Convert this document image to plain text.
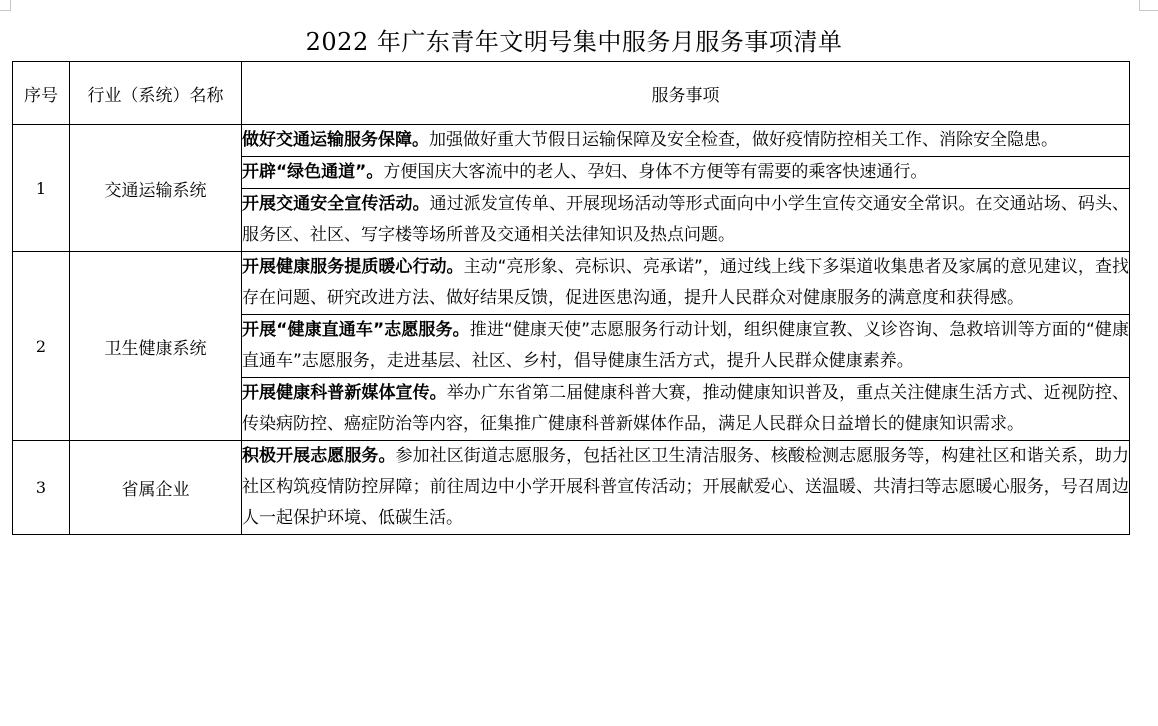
2022 年广东青年文明号集中服务月服务事项清单
序号	行业（系统）名称	服务事项
1	交通运输系统	做好交通运输服务保障。加强做好重大节假日运输保障及安全检查，做好疫情防控相关工作、消除安全隐患。
		开辟“绿色通道”。方便国庆大客流中的老人、孕妇、身体不方便等有需要的乘客快速通行。
		开展交通安全宣传活动。通过派发宣传单、开展现场活动等形式面向中小学生宣传交通安全常识。在交通站场、码头、服务区、社区、写字楼等场所普及交通相关法律知识及热点问题。
2	卫生健康系统	开展健康服务提质暖心行动。主动“亮形象、亮标识、亮承诺”，通过线上线下多渠道收集患者及家属的意见建议，查找存在问题、研究改进方法、做好结果反馈，促进医患沟通，提升人民群众对健康服务的满意度和获得感。
		开展“健康直通车”志愿服务。推进“健康天使”志愿服务行动计划，组织健康宣教、义诊咨询、急救培训等方面的“健康直通车”志愿服务，走进基层、社区、乡村，倡导健康生活方式，提升人民群众健康素养。
		开展健康科普新媒体宣传。举办广东省第二届健康科普大赛，推动健康知识普及，重点关注健康生活方式、近视防控、传染病防控、癌症防治等内容，征集推广健康科普新媒体作品，满足人民群众日益增长的健康知识需求。
3	省属企业	积极开展志愿服务。参加社区街道志愿服务，包括社区卫生清洁服务、核酸检测志愿服务等，构建社区和谐关系，助力社区构筑疫情防控屏障；前往周边中小学开展科普宣传活动；开展献爱心、送温暖、共清扫等志愿暖心服务，号召周边人一起保护环境、低碳生活。
